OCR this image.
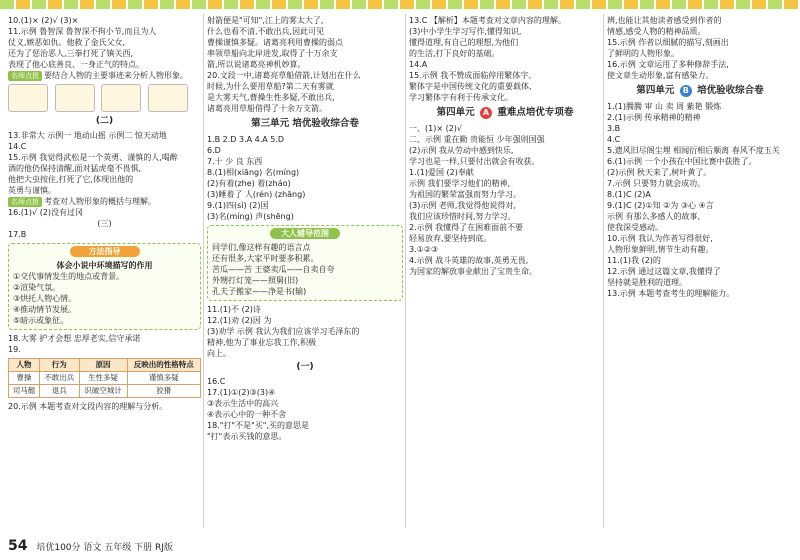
10.(1)× (2)√ (3)×
11.示例 鲁智深 鲁智深不拘小节,而且为人
仗义,嫉恶如仇。他救了金氏父女,
还为了惩治恶人,三拳打死了镇关西,
表现了他心底善良、一身正气的特点。
名师点拨 要结合人物的主要事迹来分析人物形象。

(二)
13.非常大 示例一 地动山摇 示例二 惊天动地
14.C
15.示例 我觉得武松是一个英勇、谨慎的人,喝醉
酒的他仍保持清醒,面对猛虎毫不畏惧,
他把大虫按住,打死了它,体现出他的
英勇与谨慎。
名师点拨 考查对人物形象的概括与理解。
16.(1)√ (2)没有过冈
(三)
17.B
方法指导
体会小说中环境描写的作用
①交代事情发生的地点或背景。
②渲染气氛。
③烘托人物心情。
④推动情节发展。
⑤暗示或象征。
18.大雾 护才会想 忠厚老实,信守承诺
19.
人物	行为	原因	反映出的性格特点
曹操	不敢出兵	生性多疑	谨慎多疑
司马懿	退兵	识破空城计	狡猾
20.示例 本题考查对文段内容的理解与分析。
射箭便是"可知",江上的雾太大了,
什么也看不清,不敢出兵,因此可见
曹操谨慎多疑。诸葛亮利用曹操的弱点
率领草船向北岸进发,取得了十万余支
箭,所以说诸葛亮神机妙算。
20.文段一中,诸葛亮草船借箭,计划出在什么
时候,为什么要用草船?第二天有雾就
是大雾天气,曹操生性多疑,不敢出兵,
诸葛亮用草船借得了十余万支箭。
第三单元 培优验收综合卷
1.B 2.D 3.A 4.A 5.D
6.D
7.十 少 良 东西
8.(1)相(xiāng) 名(míng)
(2)有着(zhe) 着(zháo)
(3)睡着了 人(rén) (zhāng)
9.(1)四(sì) (2)国
(3)名(míng) 声(shēng)
大人辅导范围
同学们,像这样有趣的语言点
还有很多,大家平时要多积累。
苦瓜——苦 王婆卖瓜——自卖自夸
外甥打灯笼——照舅(旧)
孔夫子搬家——净是书(输)
11.(1)不 (2)诗
12.(1)劝 (2)因 为
(3)劝学 示例 我认为我们应该学习毛泽东的
精神,他为了事业忘我工作,积极
向上。
(一)
16.C
17.(1)①(2)③(3)④
③表示生活中的高兴
④表示心中的一种不舍
18."打"不是"买",买的意思是
"打"表示买钱的意思。
13.C 【解析】本题考查对文章内容的理解。
(3)中小学生学习写作,懂得知识,
懂得道理,有自己的理想,为他们
的生活,打下良好的基础。
14.A
15.示例 我不赞成面临停用繁体字。
繁体字是中国传统文化的重要载体,
学习繁体字有利于传承文化。
第四单元 A 重难点培优专项卷
一、(1)× (2)√
二、示例 重在勤 贵能恒 少年强则国强
(2)示例 我从劳动中感到快乐,
学习也是一样,只要付出就会有收获。
1.(1)爱国 (2)奉献
示例 我们要学习他们的精神,
为祖国的繁荣富强而努力学习。
(3)示例 老师,我觉得他说得对,
我们应该珍惜时间,努力学习。
2.示例 我懂得了在困难面前不要
轻易放弃,要坚持到底。
3.①②③
4.示例 战斗英雄的故事,英勇无畏,
为国家的解放事业献出了宝贵生命。
辨,也能让其他读者感受到作者的
情感,感受人物的精神品质。
15.示例 作者以细腻的描写,刻画出
了鲜明的人物形象。
16.示例 文章运用了多种修辞手法,
使文章生动形象,富有感染力。
第四单元 B 培优验收综合卷
1.(1)腾腾 审 山 卖 周 紫艳 锻炼
2.(1)示例 传承精神的精神
3.B
4.C
5.遗风旧尽阁尘埋 相闻衍相后顺离 春风不度玉关
6.(1)示例 一个小孩在中国比赛中获胜了。
(2)示例 秋天来了,树叶黄了。
7.示例 只要努力就会成功。
8.(1)C (2)A
9.(1)C (2)①知 ②为 ③心 ④言
示例 有那么多感人的故事,
使我深受感动。
10.示例 我认为作者写得很好,
人物形象鲜明,情节生动有趣。
11.(1)我 (2)的
12.示例 通过这篇文章,我懂得了
坚持就是胜利的道理。
13.示例 本题考查考生的理解能力。
54 培优100分 语文 五年级 下册 RJ版
